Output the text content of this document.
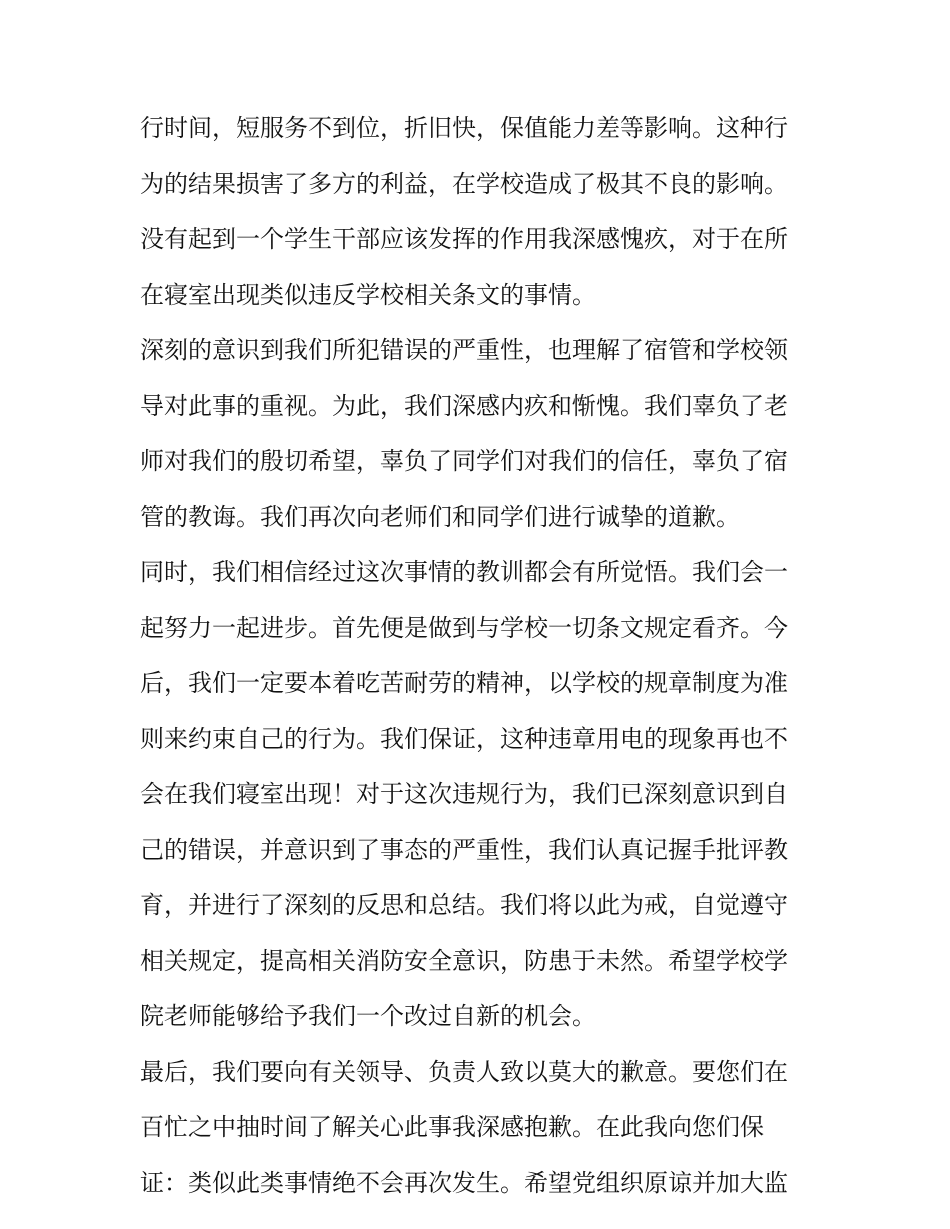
行时间，短服务不到位，折旧快，保值能力差等影响。这种行
为的结果损害了多方的利益，在学校造成了极其不良的影响。
没有起到一个学生干部应该发挥的作用我深感愧疚，对于在所
在寝室出现类似违反学校相关条文的事情。
深刻的意识到我们所犯错误的严重性，也理解了宿管和学校领
导对此事的重视。为此，我们深感内疚和惭愧。我们辜负了老
师对我们的殷切希望，辜负了同学们对我们的信任，辜负了宿
管的教诲。我们再次向老师们和同学们进行诚挚的道歉。
同时，我们相信经过这次事情的教训都会有所觉悟。我们会一
起努力一起进步。首先便是做到与学校一切条文规定看齐。今
后，我们一定要本着吃苦耐劳的精神，以学校的规章制度为准
则来约束自己的行为。我们保证，这种违章用电的现象再也不
会在我们寝室出现！对于这次违规行为，我们已深刻意识到自
己的错误，并意识到了事态的严重性，我们认真记握手批评教
育，并进行了深刻的反思和总结。我们将以此为戒，自觉遵守
相关规定，提高相关消防安全意识，防患于未然。希望学校学
院老师能够给予我们一个改过自新的机会。
最后，我们要向有关领导、负责人致以莫大的歉意。要您们在
百忙之中抽时间了解关心此事我深感抱歉。在此我向您们保
证：类似此类事情绝不会再次发生。希望党组织原谅并加大监
